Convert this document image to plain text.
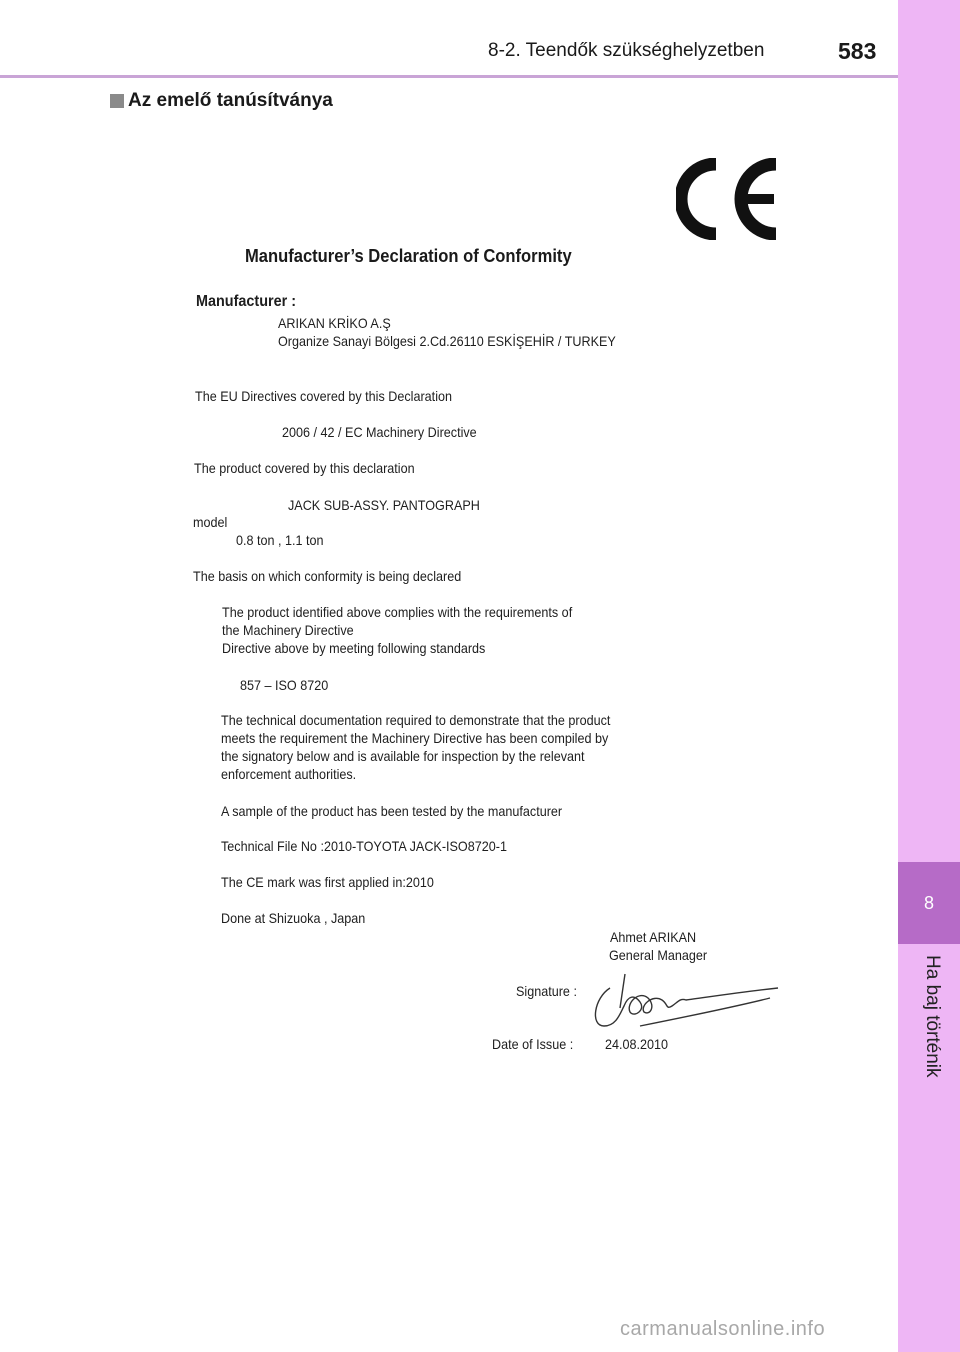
8-2. Teendők szükséghelyzetben	583
8
Ha baj történik
Az emelő tanúsítványa
Manufacturer’s Declaration of Conformity
Manufacturer :
ARIKAN KRİKO A.Ş
Organize Sanayi Bölgesi 2.Cd.26110 ESKİŞEHİR / TURKEY
The EU Directives covered by this Declaration
2006 / 42 / EC Machinery Directive
The product covered by this declaration
JACK SUB-ASSY. PANTOGRAPH
model
0.8 ton , 1.1 ton
The basis on which conformity is being declared
The product identified above complies with the requirements of
the Machinery Directive
Directive above by meeting following standards
857 – ISO 8720
The technical documentation required to demonstrate that the product
meets the requirement the Machinery Directive has been compiled by
the signatory below and is available for inspection by the relevant
enforcement authorities.
A sample of the product has been tested by the manufacturer
Technical File No :2010-TOYOTA JACK-ISO8720-1
The CE mark was first applied in:2010
Done at Shizuoka , Japan
Ahmet ARIKAN
General Manager
Signature :
Date of Issue : 24.08.2010
carmanualsonline.info
